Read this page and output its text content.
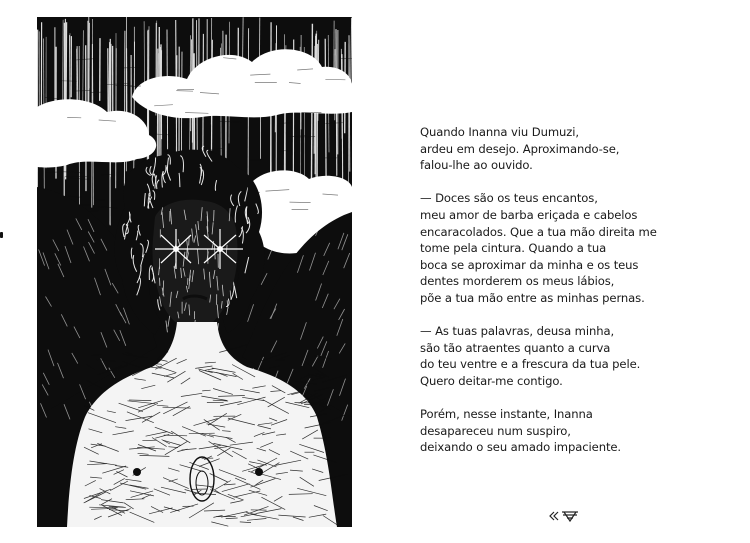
Quando Inanna viu Dumuzi,
ardeu em desejo. Aproximando-se,
falou-lhe ao ouvido.

— Doces são os teus encantos,
meu amor de barba eriçada e cabelos
encaracolados. Que a tua mão direita me
tome pela cintura. Quando a tua
boca se aproximar da minha e os teus
dentes morderem os meus lábios,
põe a tua mão entre as minhas pernas.

— As tuas palavras, deusa minha,
são tão atraentes quanto a curva
do teu ventre e a frescura da tua pele.
Quero deitar-me contigo.

Porém, nesse instante, Inanna
desapareceu num suspiro,
deixando o seu amado impaciente.
